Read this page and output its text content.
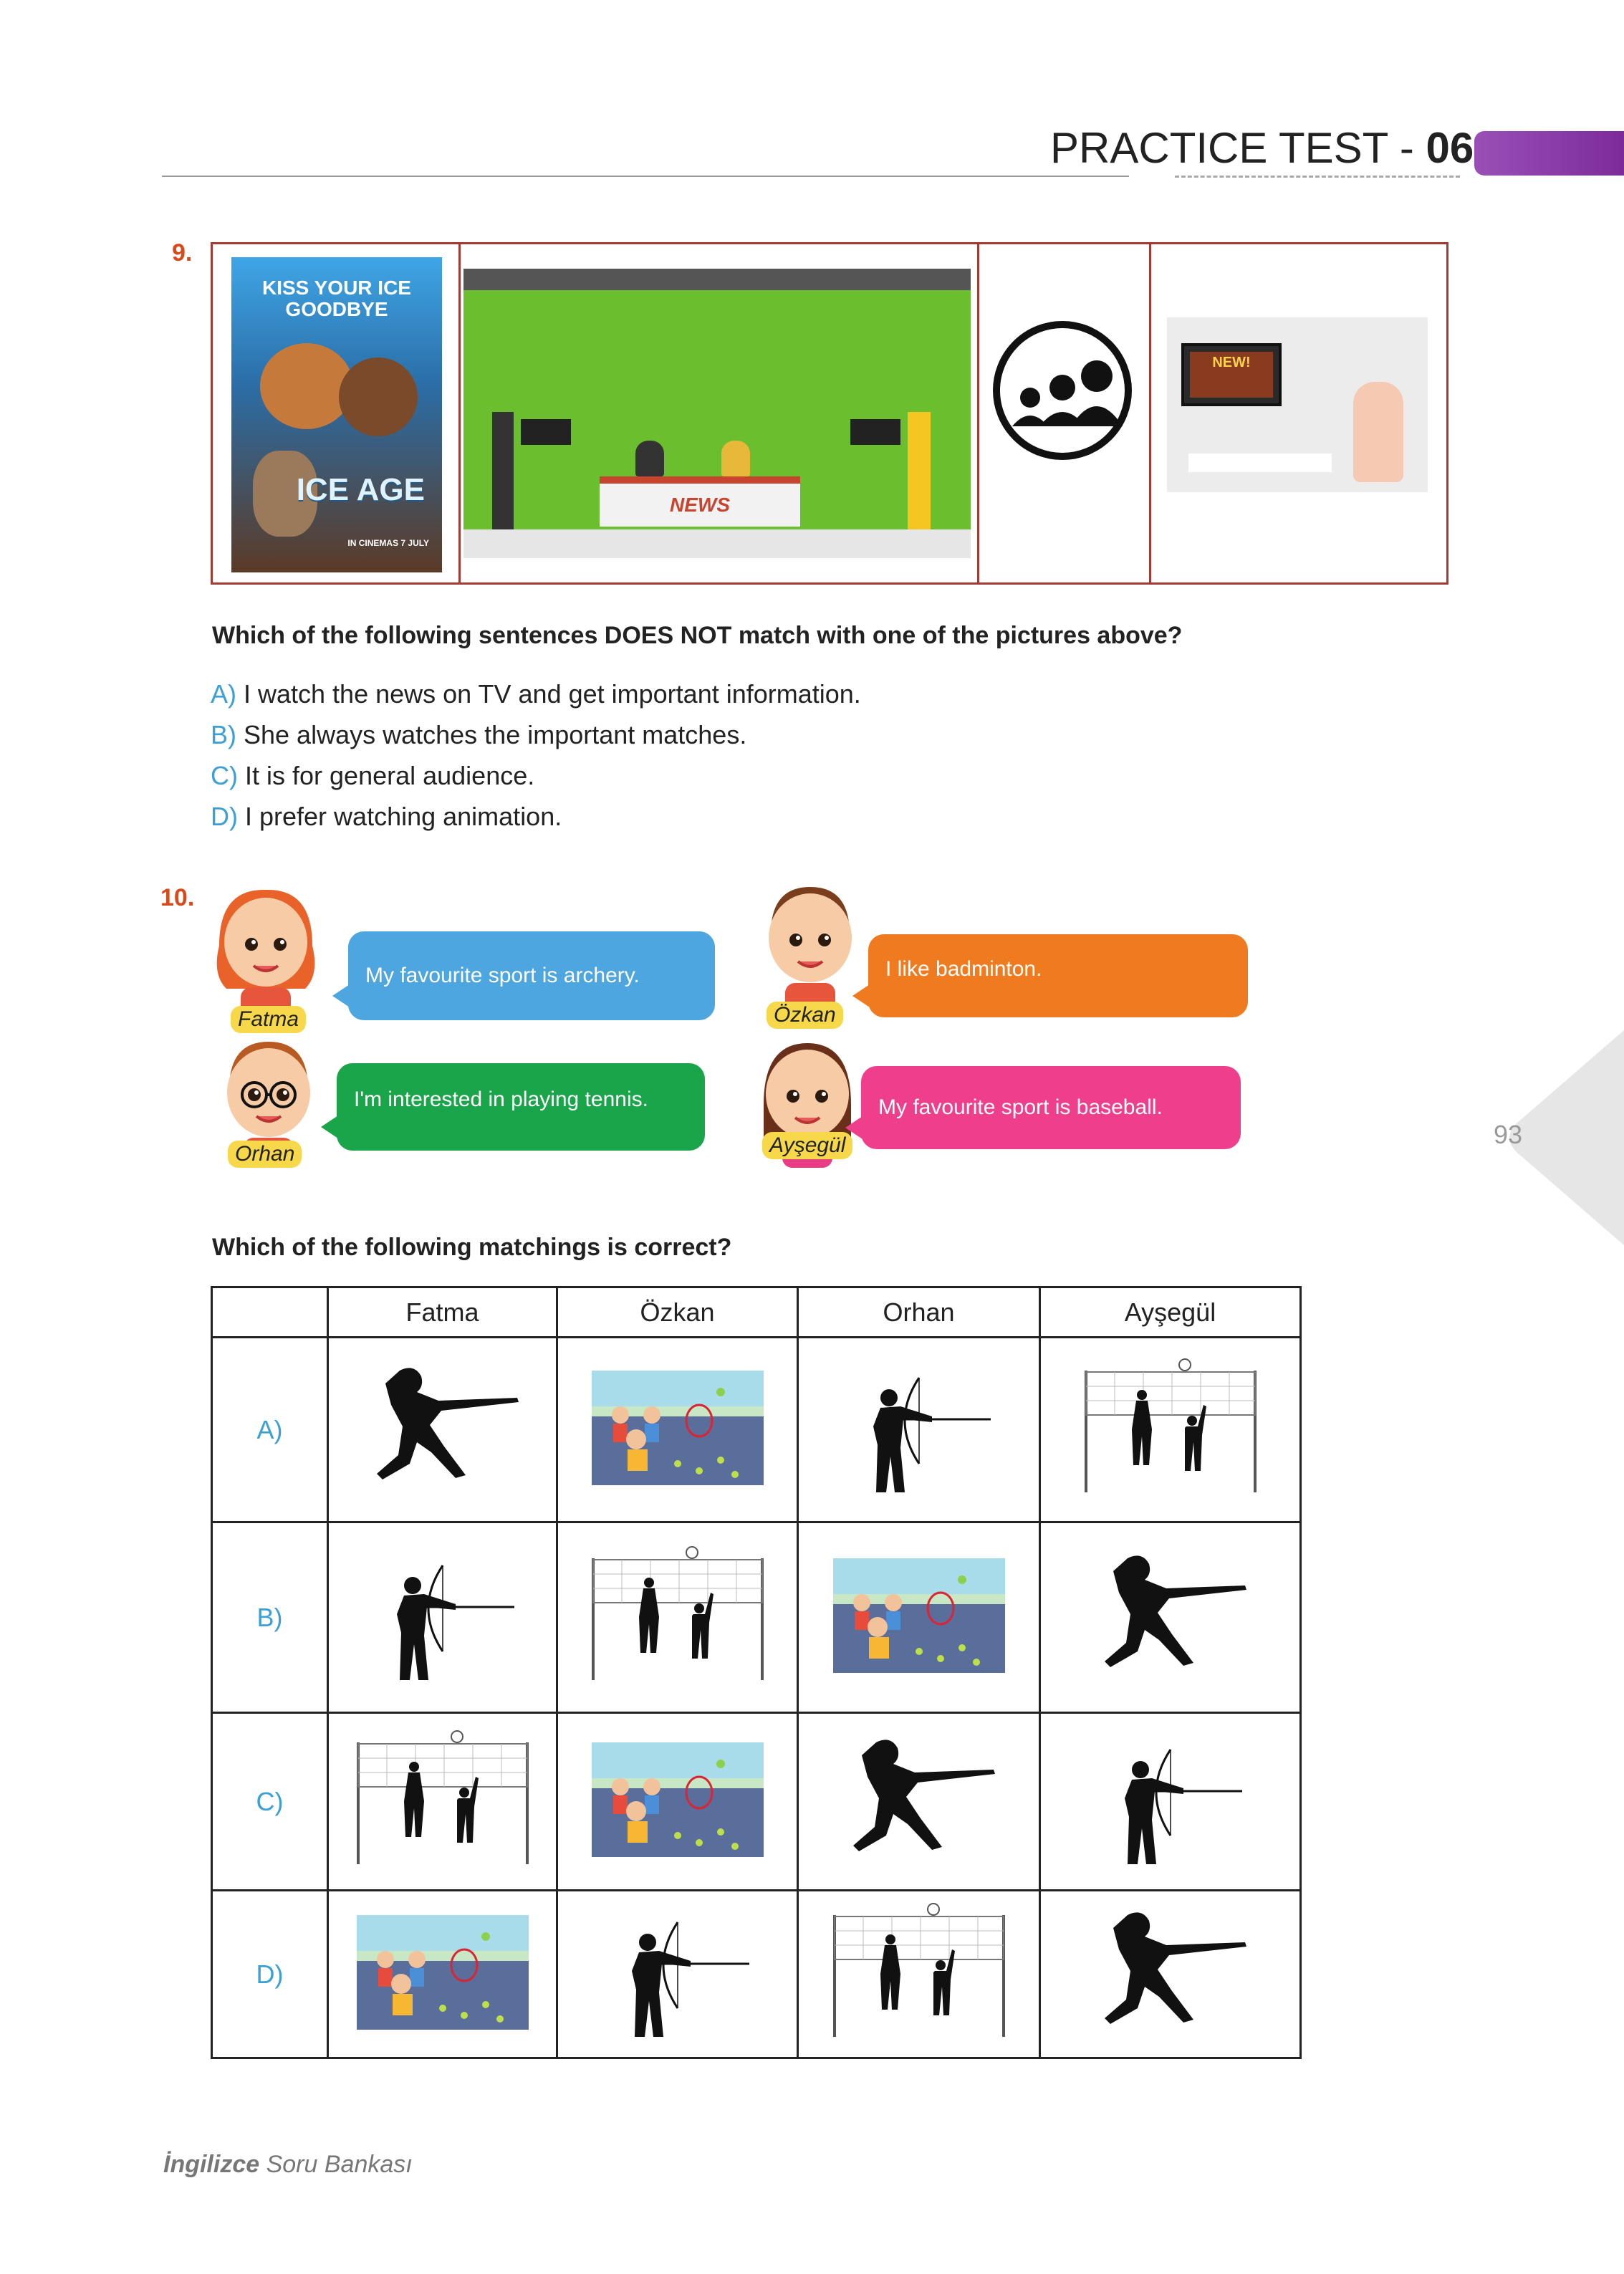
PRACTICE TEST - 06
93
9.
KISS YOUR ICE GOODBYE
ICE AGE
IN CINEMAS 7 JULY
NEWS
NEW!
Which of the following sentences DOES NOT match with one of the pictures above?
A) I watch the news on TV and get important information.
B) She always watches the important matches.
C) It is for general audience.
D) I prefer watching animation.
10.
Fatma
My favourite sport is archery.
Özkan
I like badminton.
Orhan
I'm interested in playing tennis.
Ayşegül
My favourite sport is baseball.
Which of the following matchings is correct?
	Fatma	Özkan	Orhan	Ayşegül
A)				
B)				
C)				
D)				
İngilizce Soru Bankası
